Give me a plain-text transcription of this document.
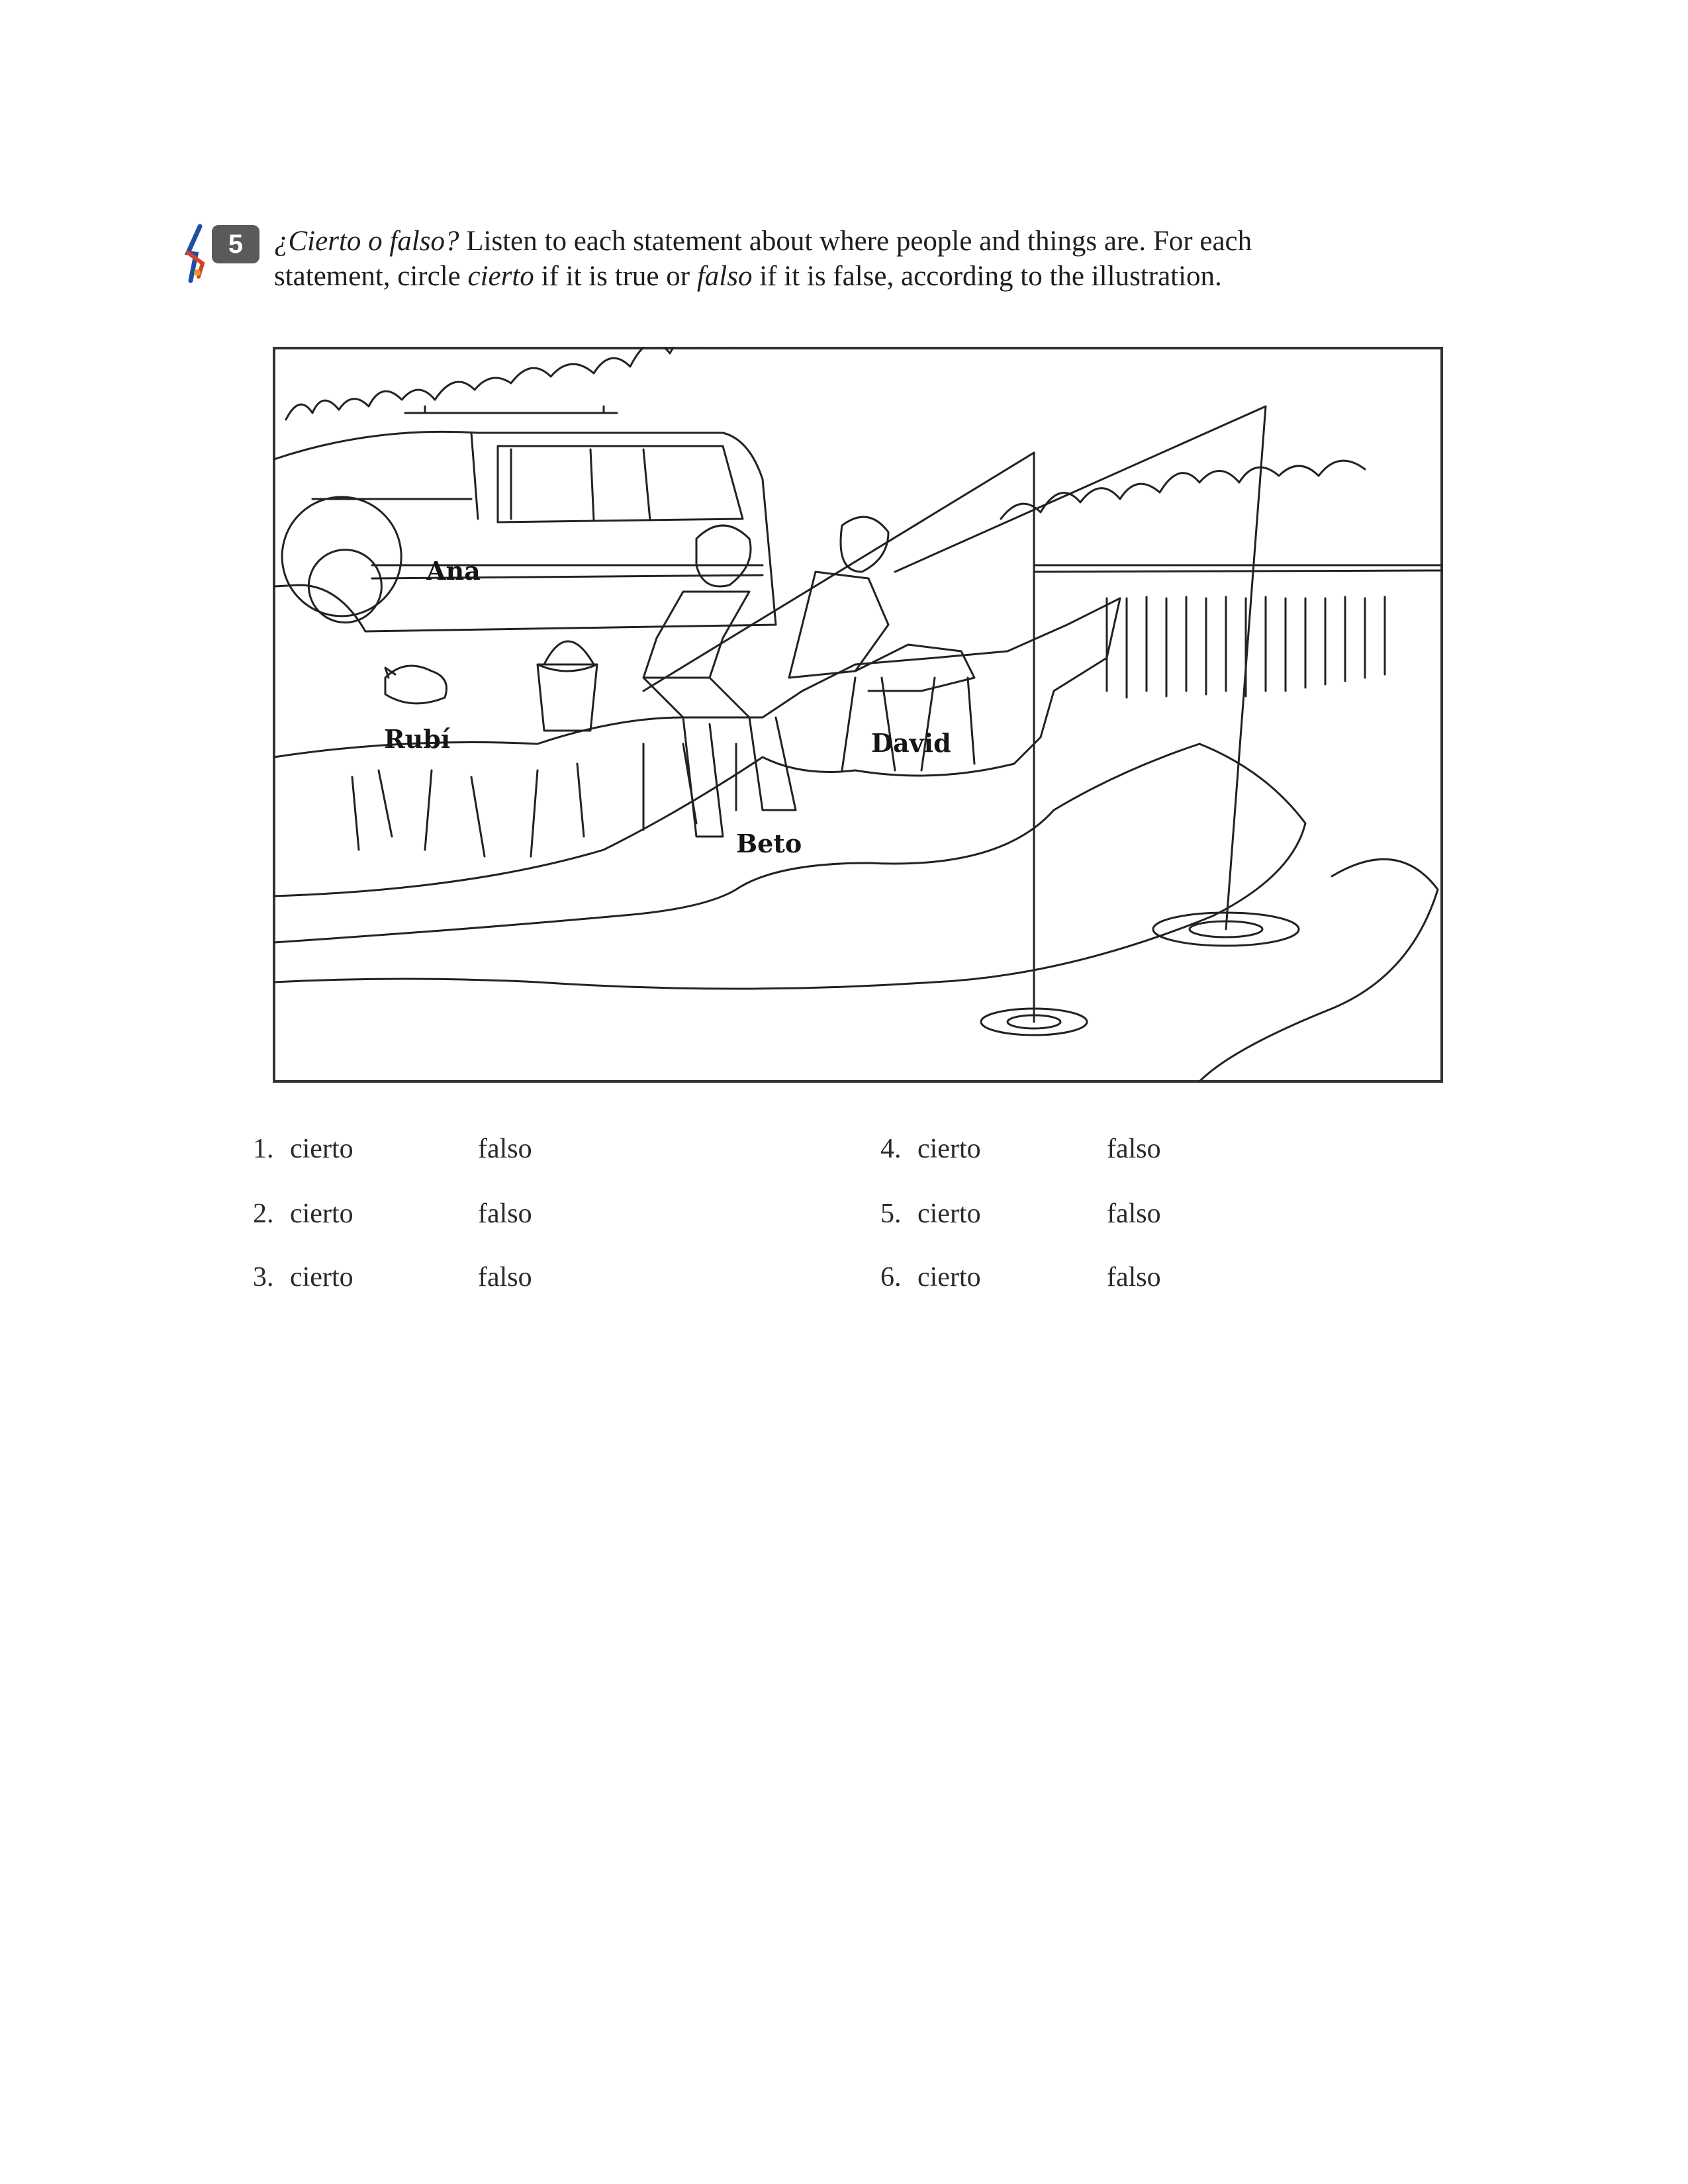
5	¿Cierto o falso? Listen to each statement about where people and things are. For each
statement, circle cierto if it is true or falso if it is false, according to the illustration.
Ana
Rubí
Beto
David
1. cierto	falso
2. cierto	falso
3. cierto	falso
4. cierto	falso
5. cierto	falso
6. cierto	falso
